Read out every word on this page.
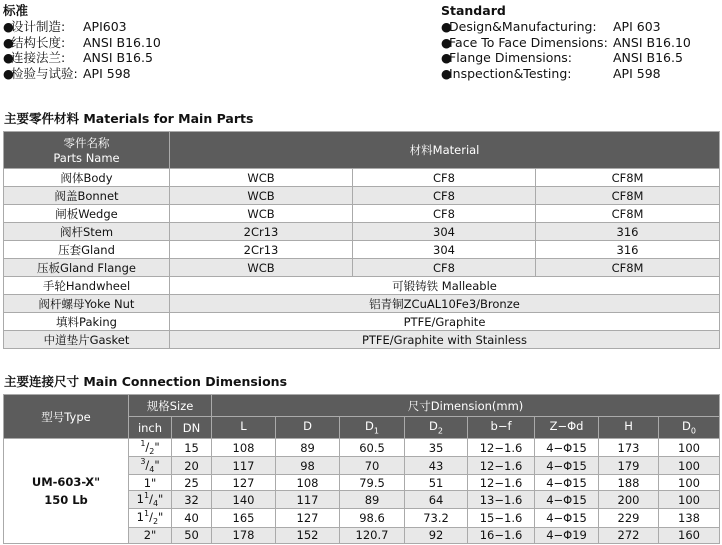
标准
●
设计制造:	API603
●
结构长度:	ANSI B16.10
●
连接法兰:	ANSI B16.5
●
检验与试验: API 598
Standard
●
Design&Manufacturing:	API 603
●
Face To Face Dimensions: ANSI B16.10
●
Flange Dimensions:	ANSI B16.5
●
Inspection&Testing:	API 598
主要零件材料 Materials for Main Parts
零件名称
Parts Name	材料Material		
阀体Body	WCB	CF8	CF8M
阀盖Bonnet	WCB	CF8	CF8M
闸板Wedge	WCB	CF8	CF8M
阀杆Stem	2Cr13	304	316
压套Gland	2Cr13	304	316
压板Gland Flange	WCB	CF8	CF8M
手轮Handwheel	可锻铸铁 Malleable		
阀杆螺母Yoke Nut	铝青铜ZCuAL10Fe3/Bronze		
填料Paking	PTFE/Graphite		
中道垫片Gasket	PTFE/Graphite with Stainless		
主要连接尺寸 Main Connection Dimensions
型号Type	规格Size		尺寸Dimension(mm)							
	inch	DN	L	D	$D_1$	$D_2$	b−f	Z−Φd	H	$D_0$

UM-603-X"
150 Lb	$^1/_2$"	15	108	89	60.5	35	12−1.6	4−Φ15	173	100
	$^3/_4$"	20	117	98	70	43	12−1.6	4−Φ15	179	100
	1"	25	127	108	79.5	51	12−1.6	4−Φ15	188	100
	$1^1/_4$"	32	140	117	89	64	13−1.6	4−Φ15	200	100
	$1^1/_2$"	40	165	127	98.6	73.2	15−1.6	4−Φ15	229	138
	2"	50	178	152	120.7	92	16−1.6	4−Φ19	272	160
